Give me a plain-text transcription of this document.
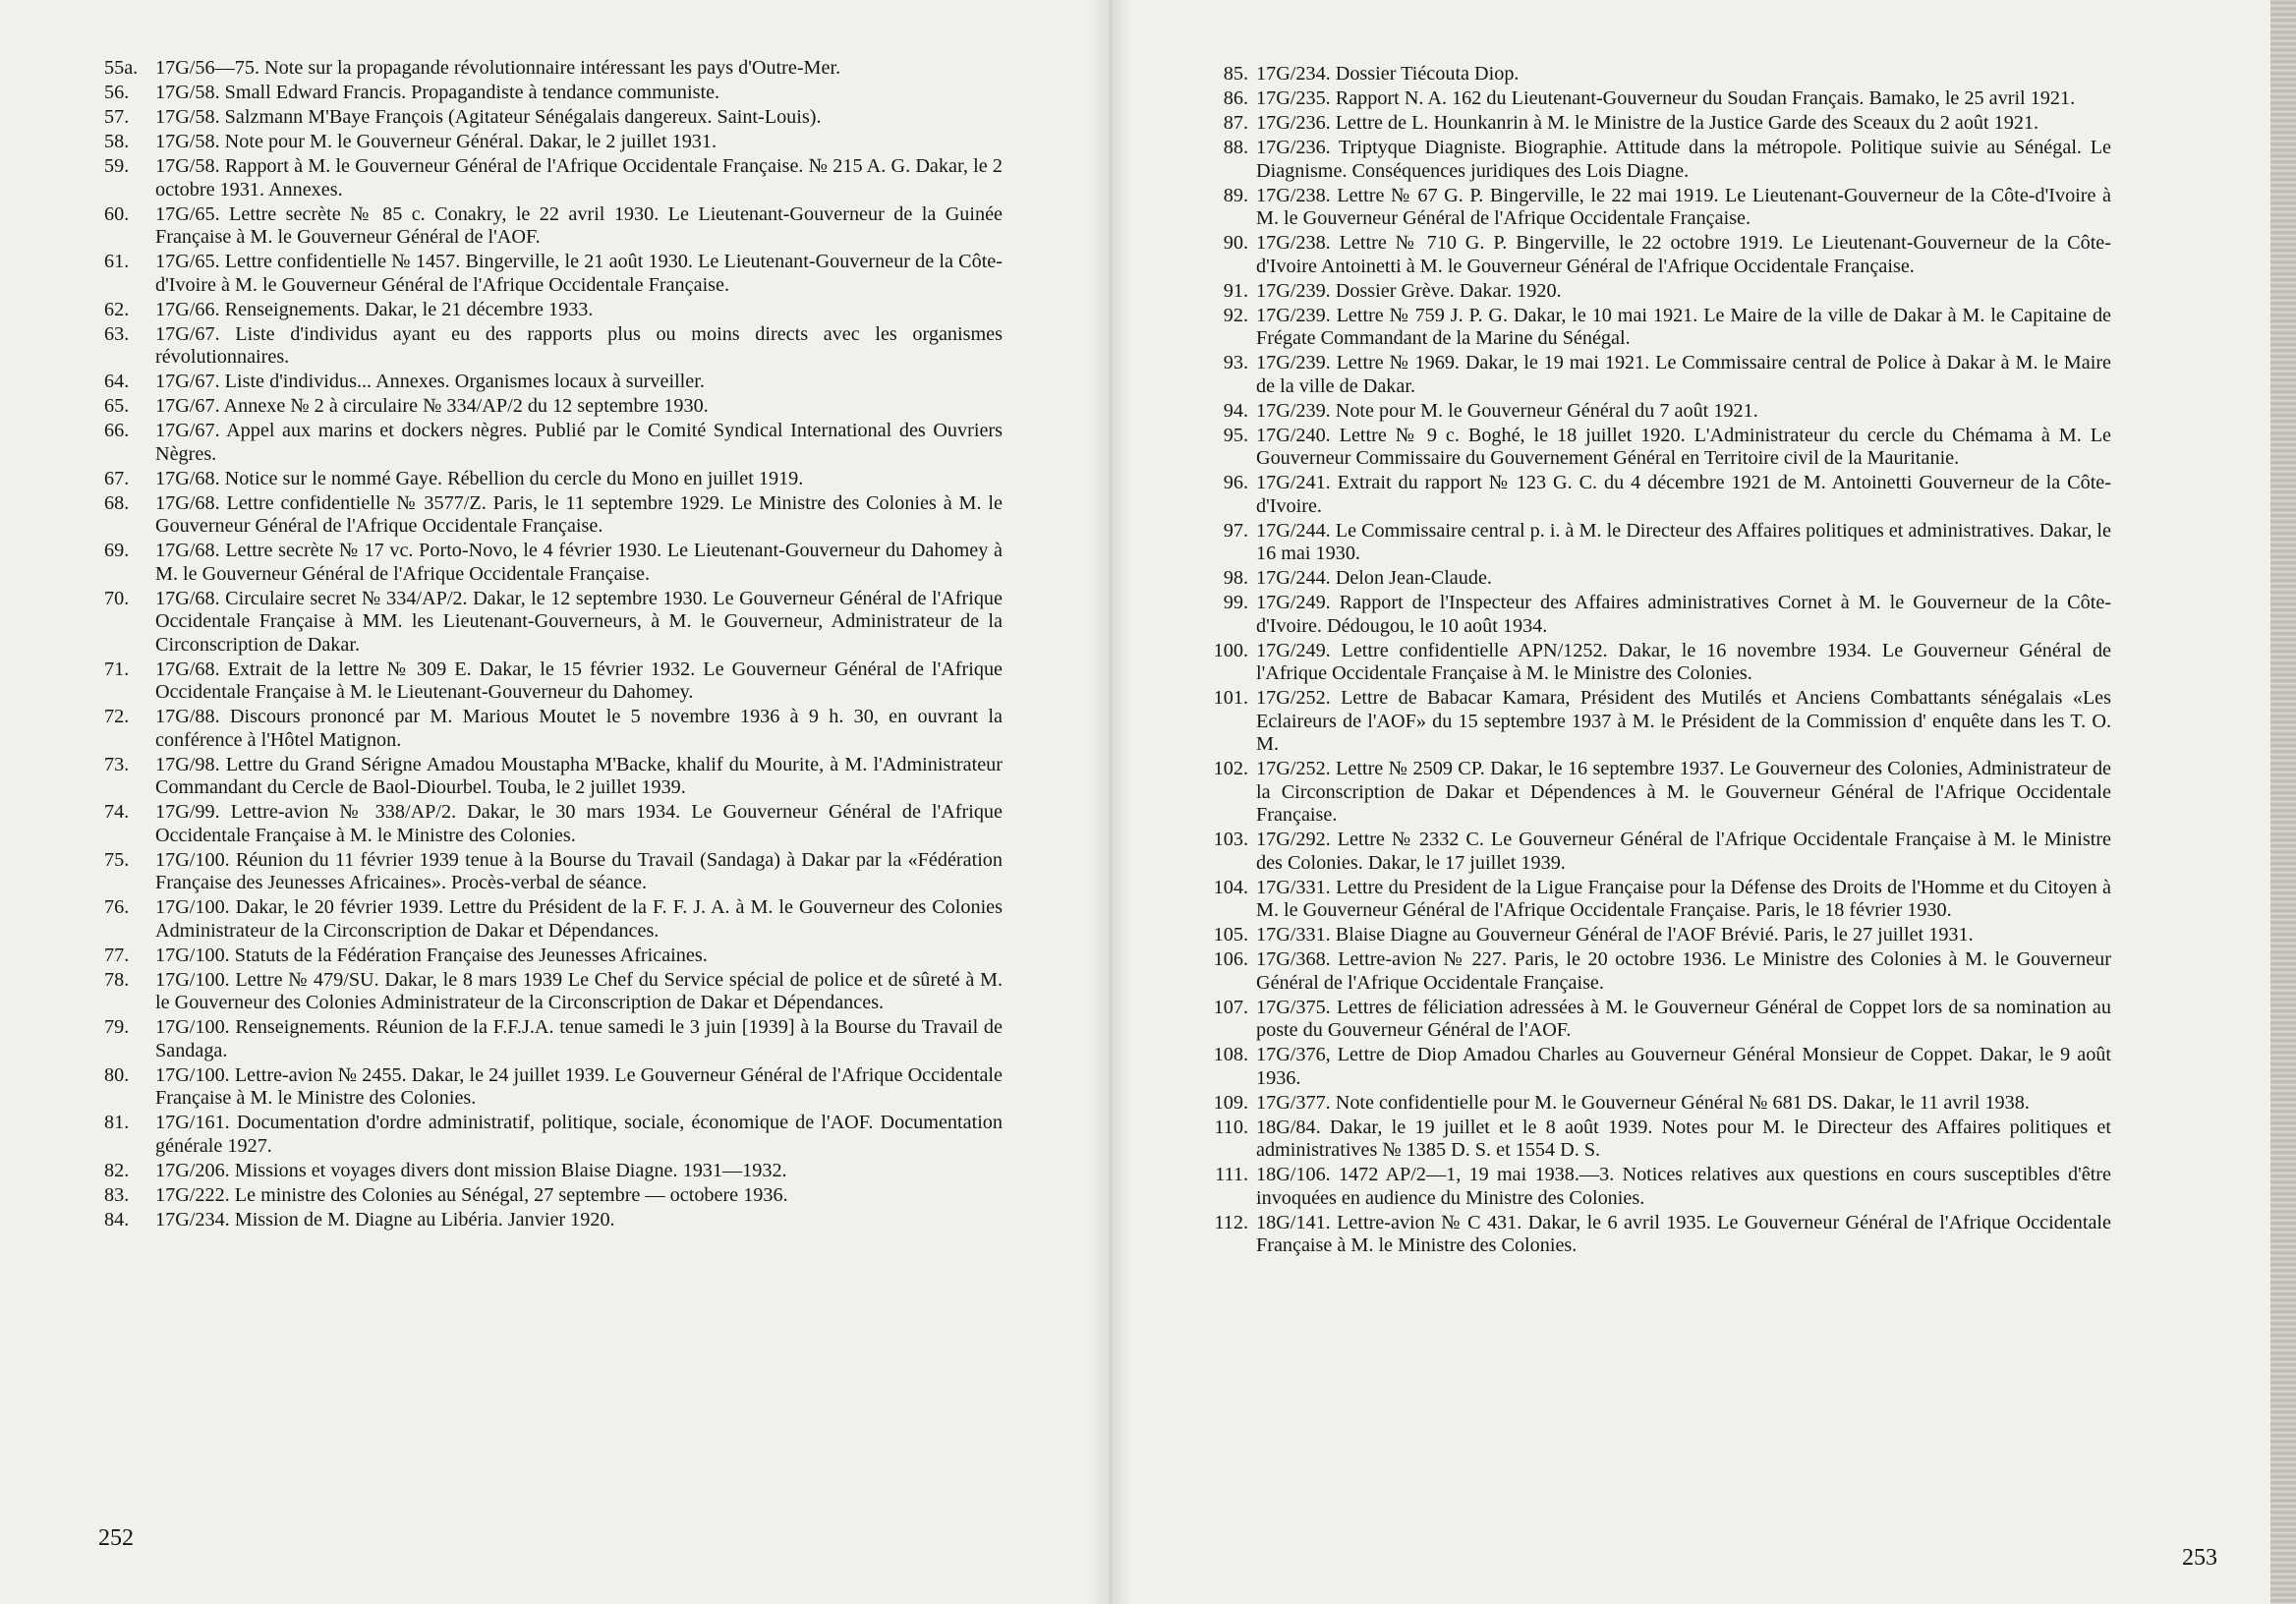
55a. 17G/56—75. Note sur la propagande révolutionnaire intéressant les pays d'Outre-Mer.
56.	17G/58. Small Edward Francis. Propagandiste à tendance communiste.
57.	17G/58. Salzmann M'Baye François (Agitateur Sénégalais dangereux. Saint-Louis).
58.	17G/58. Note pour M. le Gouverneur Général. Dakar, le 2 juillet 1931.
59.	17G/58. Rapport à M. le Gouverneur Général de l'Afrique Occidentale Française. № 215 A. G. Dakar, le 2 octobre 1931. Annexes.
60.	17G/65. Lettre secrète № 85 c. Conakry, le 22 avril 1930. Le Lieutenant-Gouverneur de la Guinée Française à M. le Gouverneur Général de l'AOF.
61.	17G/65. Lettre confidentielle № 1457. Bingerville, le 21 août 1930. Le Lieutenant-Gouverneur de la Côte-d'Ivoire à M. le Gouverneur Général de l'Afrique Occidentale Française.
62.	17G/66. Renseignements. Dakar, le 21 décembre 1933.
63.	17G/67. Liste d'individus ayant eu des rapports plus ou moins directs avec les organismes révolutionnaires.
64.	17G/67. Liste d'individus... Annexes. Organismes locaux à surveiller.
65.	17G/67. Annexe № 2 à circulaire № 334/AP/2 du 12 septembre 1930.
66.	17G/67. Appel aux marins et dockers nègres. Publié par le Comité Syndical International des Ouvriers Nègres.
67.	17G/68. Notice sur le nommé Gaye. Rébellion du cercle du Mono en juillet 1919.
68.	17G/68. Lettre confidentielle № 3577/Z. Paris, le 11 septembre 1929. Le Ministre des Colonies à M. le Gouverneur Général de l'Afrique Occidentale Française.
69.	17G/68. Lettre secrète № 17 vc. Porto-Novo, le 4 février 1930. Le Lieutenant-Gouverneur du Dahomey à M. le Gouverneur Général de l'Afrique Occidentale Française.
70.	17G/68. Circulaire secret № 334/AP/2. Dakar, le 12 septembre 1930. Le Gouverneur Général de l'Afrique Occidentale Française à MM. les Lieutenant-Gouverneurs, à M. le Gouverneur, Administrateur de la Circonscription de Dakar.
71.	17G/68. Extrait de la lettre № 309 E. Dakar, le 15 février 1932. Le Gouverneur Général de l'Afrique Occidentale Française à M. le Lieutenant-Gouverneur du Dahomey.
72.	17G/88. Discours prononcé par M. Marious Moutet le 5 novembre 1936 à 9 h. 30, en ouvrant la conférence à l'Hôtel Matignon.
73.	17G/98. Lettre du Grand Sérigne Amadou Moustapha M'Backe, khalif du Mourite, à M. l'Administrateur Commandant du Cercle de Baol-Diourbel. Touba, le 2 juillet 1939.
74.	17G/99. Lettre-avion № 338/AP/2. Dakar, le 30 mars 1934. Le Gouverneur Général de l'Afrique Occidentale Française à M. le Ministre des Colonies.
75.	17G/100. Réunion du 11 février 1939 tenue à la Bourse du Travail (Sandaga) à Dakar par la «Fédération Française des Jeunesses Africaines». Procès-verbal de séance.
76.	17G/100. Dakar, le 20 février 1939. Lettre du Président de la F. F. J. A. à M. le Gouverneur des Colonies Administrateur de la Circonscription de Dakar et Dépendances.
77.	17G/100. Statuts de la Fédération Française des Jeunesses Africaines.
78.	17G/100. Lettre № 479/SU. Dakar, le 8 mars 1939 Le Chef du Service spécial de police et de sûreté à M. le Gouverneur des Colonies Administrateur de la Circonscription de Dakar et Dépendances.
79.	17G/100. Renseignements. Réunion de la F.F.J.A. tenue samedi le 3 juin [1939] à la Bourse du Travail de Sandaga.
80.	17G/100. Lettre-avion № 2455. Dakar, le 24 juillet 1939. Le Gouverneur Général de l'Afrique Occidentale Française à M. le Ministre des Colonies.
81.	17G/161. Documentation d'ordre administratif, politique, sociale, économique de l'AOF. Documentation générale 1927.
82.	17G/206. Missions et voyages divers dont mission Blaise Diagne. 1931—1932.
83.	17G/222. Le ministre des Colonies au Sénégal, 27 septembre — octobere 1936.
84.	17G/234. Mission de M. Diagne au Libéria. Janvier 1920.
252
85. 17G/234. Dossier Tiécouta Diop.
86. 17G/235. Rapport N. A. 162 du Lieutenant-Gouverneur du Soudan Français. Bamako, le 25 avril 1921.
87. 17G/236. Lettre de L. Hounkanrin à M. le Ministre de la Justice Garde des Sceaux du 2 août 1921.
88. 17G/236. Triptyque Diagniste. Biographie. Attitude dans la métropole. Politique suivie au Sénégal. Le Diagnisme. Conséquences juridiques des Lois Diagne.
89. 17G/238. Lettre № 67 G. P. Bingerville, le 22 mai 1919. Le Lieutenant-Gouverneur de la Côte-d'Ivoire à M. le Gouverneur Général de l'Afrique Occidentale Française.
90. 17G/238. Lettre № 710 G. P. Bingerville, le 22 octobre 1919. Le Lieutenant-Gouverneur de la Côte-d'Ivoire Antoinetti à M. le Gouverneur Général de l'Afrique Occidentale Française.
91. 17G/239. Dossier Grève. Dakar. 1920.
92. 17G/239. Lettre № 759 J. P. G. Dakar, le 10 mai 1921. Le Maire de la ville de Dakar à M. le Capitaine de Frégate Commandant de la Marine du Sénégal.
93. 17G/239. Lettre № 1969. Dakar, le 19 mai 1921. Le Commissaire central de Police à Dakar à M. le Maire de la ville de Dakar.
94. 17G/239. Note pour M. le Gouverneur Général du 7 août 1921.
95. 17G/240. Lettre № 9 c. Boghé, le 18 juillet 1920. L'Administrateur du cercle du Chémama à M. Le Gouverneur Commissaire du Gouvernement Général en Territoire civil de la Mauritanie.
96. 17G/241. Extrait du rapport № 123 G. C. du 4 décembre 1921 de M. Antoinetti Gouverneur de la Côte-d'Ivoire.
97. 17G/244. Le Commissaire central p. i. à M. le Directeur des Affaires politiques et administratives. Dakar, le 16 mai 1930.
98. 17G/244. Delon Jean-Claude.
99. 17G/249. Rapport de l'Inspecteur des Affaires administratives Cornet à M. le Gouverneur de la Côte-d'Ivoire. Dédougou, le 10 août 1934.
100. 17G/249. Lettre confidentielle APN/1252. Dakar, le 16 novembre 1934. Le Gouverneur Général de l'Afrique Occidentale Française à M. le Ministre des Colonies.
101. 17G/252. Lettre de Babacar Kamara, Président des Mutilés et Anciens Combattants sénégalais «Les Eclaireurs de l'AOF» du 15 septembre 1937 à M. le Président de la Commission d' enquête dans les T. O. M.
102. 17G/252. Lettre № 2509 CP. Dakar, le 16 septembre 1937. Le Gouverneur des Colonies, Administrateur de la Circonscription de Dakar et Dépendences à M. le Gouverneur Général de l'Afrique Occidentale Française.
103. 17G/292. Lettre № 2332 C. Le Gouverneur Général de l'Afrique Occidentale Française à M. le Ministre des Colonies. Dakar, le 17 juillet 1939.
104. 17G/331. Lettre du President de la Ligue Française pour la Défense des Droits de l'Homme et du Citoyen à M. le Gouverneur Général de l'Afrique Occidentale Française. Paris, le 18 février 1930.
105. 17G/331. Blaise Diagne au Gouverneur Général de l'AOF Brévié. Paris, le 27 juillet 1931.
106. 17G/368. Lettre-avion № 227. Paris, le 20 octobre 1936. Le Ministre des Colonies à M. le Gouverneur Général de l'Afrique Occidentale Française.
107. 17G/375. Lettres de féliciation adressées à M. le Gouverneur Général de Coppet lors de sa nomination au poste du Gouverneur Général de l'AOF.
108. 17G/376, Lettre de Diop Amadou Charles au Gouverneur Général Monsieur de Coppet. Dakar, le 9 août 1936.
109. 17G/377. Note confidentielle pour M. le Gouverneur Général № 681 DS. Dakar, le 11 avril 1938.
110. 18G/84. Dakar, le 19 juillet et le 8 août 1939. Notes pour M. le Directeur des Affaires politiques et administratives № 1385 D. S. et 1554 D. S.
111. 18G/106. 1472 AP/2—1, 19 mai 1938.—3. Notices relatives aux questions en cours susceptibles d'être invoquées en audience du Ministre des Colonies.
112. 18G/141. Lettre-avion № C 431. Dakar, le 6 avril 1935. Le Gouverneur Général de l'Afrique Occidentale Française à M. le Ministre des Colonies.
253
